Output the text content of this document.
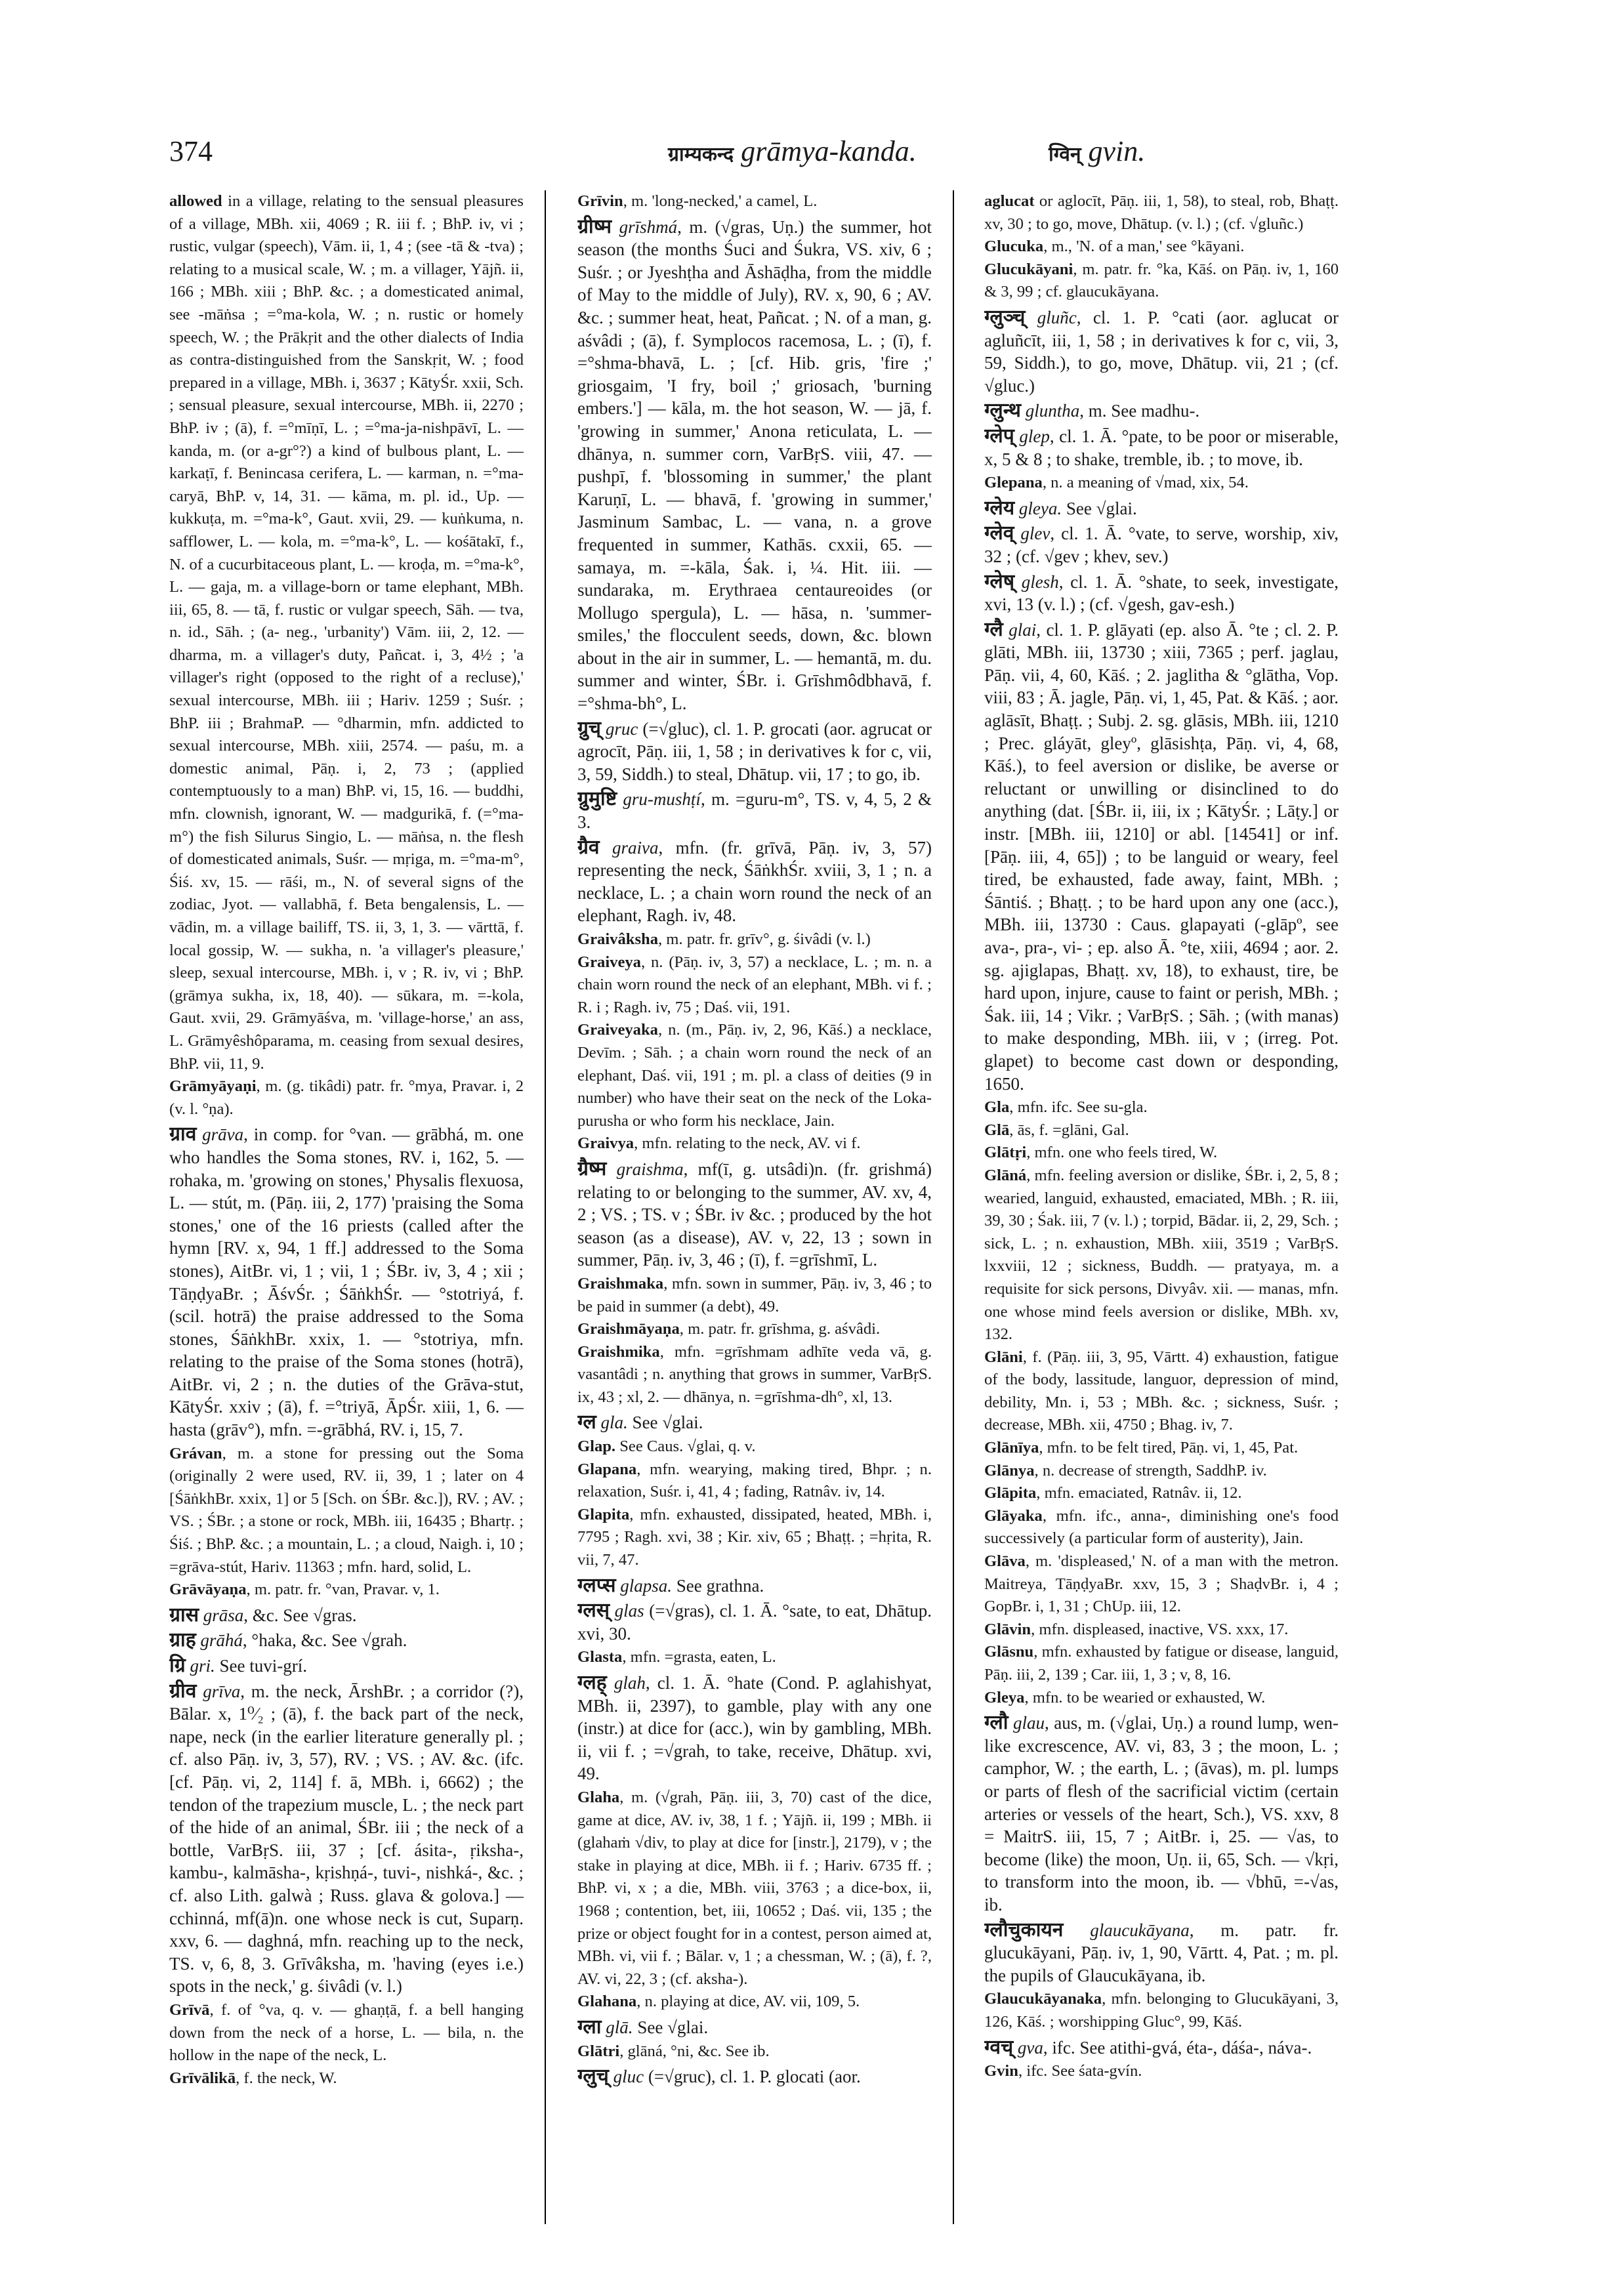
374	ग्राम्यकन्द grāmya-kanda.	ग्विन् gvin.

allowed in a village, relating to the sensual pleasures of a village, MBh. xii, 4069 ; R. iii f. ; BhP. iv, vi ; rustic, vulgar (speech), Vām. ii, 1, 4 ; (see -tā & -tva) ; relating to a musical scale, W. ; m. a villager, Yājñ. ii, 166 ; MBh. xiii ; BhP. &c. ; a domesticated animal, see -māṅsa ; =°ma-kola, W. ; n. rustic or homely speech, W. ; the Prākṛit and the other dialects of India as contra-distinguished from the Sanskṛit, W. ; food prepared in a village, MBh. i, 3637 ; KātyŚr. xxii, Sch. ; sensual pleasure, sexual intercourse, MBh. ii, 2270 ; BhP. iv ; (ā), f. =°mīṇī, L. ; =°ma-ja-nishpāvī, L. — kanda, m. (or a-gr°?) a kind of bulbous plant, L. — karkaṭī, f. Benincasa cerifera, L. — karman, n. =°ma-caryā, BhP. v, 14, 31. — kāma, m. pl. id., Up. — kukkuṭa, m. =°ma-k°, Gaut. xvii, 29. — kuṅkuma, n. safflower, L. — kola, m. =°ma-k°, L. — kośātakī, f., N. of a cucurbitaceous plant, L. — kroḍa, m. =°ma-k°, L. — gaja, m. a village-born or tame elephant, MBh. iii, 65, 8. — tā, f. rustic or vulgar speech, Sāh. — tva, n. id., Sāh. ; (a- neg., 'urbanity') Vām. iii, 2, 12. — dharma, m. a villager's duty, Pañcat. i, 3, 4½ ; 'a villager's right (opposed to the right of a recluse),' sexual intercourse, MBh. iii ; Hariv. 1259 ; Suśr. ; BhP. iii ; BrahmaP. — °dharmin, mfn. addicted to sexual intercourse, MBh. xiii, 2574. — paśu, m. a domestic animal, Pāṇ. i, 2, 73 ; (applied contemptuously to a man) BhP. vi, 15, 16. — buddhi, mfn. clownish, ignorant, W. — madgurikā, f. (=°ma-m°) the fish Silurus Singio, L. — māṅsa, n. the flesh of domesticated animals, Suśr. — mṛiga, m. =°ma-m°, Śiś. xv, 15. — rāśi, m., N. of several signs of the zodiac, Jyot. — vallabhā, f. Beta bengalensis, L. — vādin, m. a village bailiff, TS. ii, 3, 1, 3. — vārttā, f. local gossip, W. — sukha, n. 'a villager's pleasure,' sleep, sexual intercourse, MBh. i, v ; R. iv, vi ; BhP. (grāmya sukha, ix, 18, 40). — sūkara, m. =-kola, Gaut. xvii, 29. Grāmyāśva, m. 'village-horse,' an ass, L. Grāmyêshôparama, m. ceasing from sexual desires, BhP. vii, 11, 9.

Grāmyāyaṇi, m. (g. tikâdi) patr. fr. °mya, Pravar. i, 2 (v. l. °ṇa).

ग्राव grāva, in comp. for °van. — grābhá, m. one who handles the Soma stones, RV. i, 162, 5. — rohaka, m. 'growing on stones,' Physalis flexuosa, L. — stút, m. (Pāṇ. iii, 2, 177) 'praising the Soma stones,' one of the 16 priests (called after the hymn [RV. x, 94, 1 ff.] addressed to the Soma stones), AitBr. vi, 1 ; vii, 1 ; ŚBr. iv, 3, 4 ; xii ; TāṇḍyaBr. ; ĀśvŚr. ; ŚāṅkhŚr. — °stotriyá, f. (scil. hotrā) the praise addressed to the Soma stones, ŚāṅkhBr. xxix, 1. — °stotriya, mfn. relating to the praise of the Soma stones (hotrā), AitBr. vi, 2 ; n. the duties of the Grāva-stut, KātyŚr. xxiv ; (ā), f. =°triyā, ĀpŚr. xiii, 1, 6. — hasta (grāv°), mfn. =-grābhá, RV. i, 15, 7.

Grávan, m. a stone for pressing out the Soma (originally 2 were used, RV. ii, 39, 1 ; later on 4 [ŚāṅkhBr. xxix, 1] or 5 [Sch. on ŚBr. &c.]), RV. ; AV. ; VS. ; ŚBr. ; a stone or rock, MBh. iii, 16435 ; Bhartṛ. ; Śiś. ; BhP. &c. ; a mountain, L. ; a cloud, Naigh. i, 10 ; =grāva-stút, Hariv. 11363 ; mfn. hard, solid, L.

Grāvāyaṇa, m. patr. fr. °van, Pravar. v, 1.

ग्रास grāsa, &c. See √gras.

ग्राह grāhá, °haka, &c. See √grah.

ग्रि gri. See tuvi-grí.

ग्रीव grīva, m. the neck, ĀrshBr. ; a corridor (?), Bālar. x, 1⁰⁄₂ ; (ā), f. the back part of the neck, nape, neck (in the earlier literature generally pl. ; cf. also Pāṇ. iv, 3, 57), RV. ; VS. ; AV. &c. (ifc. [cf. Pāṇ. vi, 2, 114] f. ā, MBh. i, 6662) ; the tendon of the trapezium muscle, L. ; the neck part of the hide of an animal, ŚBr. iii ; the neck of a bottle, VarBṛS. iii, 37 ; [cf. ásita-, ṛiksha-, kambu-, kalmāsha-, kṛishṇá-, tuvi-, nishká-, &c. ; cf. also Lith. galwà ; Russ. glava & golova.] — cchinná, mf(ā)n. one whose neck is cut, Suparṇ. xxv, 6. — daghná, mfn. reaching up to the neck, TS. v, 6, 8, 3. Grīvâksha, m. 'having (eyes i.e.) spots in the neck,' g. śivâdi (v. l.)

Grīvā, f. of °va, q. v. — ghaṇṭā, f. a bell hanging down from the neck of a horse, L. — bila, n. the hollow in the nape of the neck, L.

Grīvālikā, f. the neck, W.

Grīvin, m. 'long-necked,' a camel, L.

ग्रीष्म grīshmá, m. (√gras, Uṇ.) the summer, hot season (the months Śuci and Śukra, VS. xiv, 6 ; Suśr. ; or Jyeshṭha and Āshāḍha, from the middle of May to the middle of July), RV. x, 90, 6 ; AV. &c. ; summer heat, heat, Pañcat. ; N. of a man, g. aśvâdi ; (ā), f. Symplocos racemosa, L. ; (ī), f. =°shma-bhavā, L. ; [cf. Hib. gris, 'fire ;' griosgaim, 'I fry, boil ;' griosach, 'burning embers.'] — kāla, m. the hot season, W. — jā, f. 'growing in summer,' Anona reticulata, L. — dhānya, n. summer corn, VarBṛS. viii, 47. — pushpī, f. 'blossoming in summer,' the plant Karuṇī, L. — bhavā, f. 'growing in summer,' Jasminum Sambac, L. — vana, n. a grove frequented in summer, Kathās. cxxii, 65. — samaya, m. =-kāla, Śak. i, ¼. Hit. iii. — sundaraka, m. Erythraea centaureoides (or Mollugo spergula), L. — hāsa, n. 'summer-smiles,' the flocculent seeds, down, &c. blown about in the air in summer, L. — hemantā, m. du. summer and winter, ŚBr. i. Grīshmôdbhavā, f. =°shma-bh°, L.

ग्रुच् gruc (=√gluc), cl. 1. P. grocati (aor. agrucat or agrocīt, Pāṇ. iii, 1, 58 ; in derivatives k for c, vii, 3, 59, Siddh.) to steal, Dhātup. vii, 17 ; to go, ib.

ग्रुमुष्टि gru-mushṭí, m. =guru-m°, TS. v, 4, 5, 2 & 3.

ग्रैव graiva, mfn. (fr. grīvā, Pāṇ. iv, 3, 57) representing the neck, ŚāṅkhŚr. xviii, 3, 1 ; n. a necklace, L. ; a chain worn round the neck of an elephant, Ragh. iv, 48.

Graivâksha, m. patr. fr. grīv°, g. śivâdi (v. l.)

Graiveya, n. (Pāṇ. iv, 3, 57) a necklace, L. ; m. n. a chain worn round the neck of an elephant, MBh. vi f. ; R. i ; Ragh. iv, 75 ; Daś. vii, 191.

Graiveyaka, n. (m., Pāṇ. iv, 2, 96, Kāś.) a necklace, Devīm. ; Sāh. ; a chain worn round the neck of an elephant, Daś. vii, 191 ; m. pl. a class of deities (9 in number) who have their seat on the neck of the Loka-purusha or who form his necklace, Jain.

Graivya, mfn. relating to the neck, AV. vi f.

ग्रैष्म graishma, mf(ī, g. utsâdi)n. (fr. grishmá) relating to or belonging to the summer, AV. xv, 4, 2 ; VS. ; TS. v ; ŚBr. iv &c. ; produced by the hot season (as a disease), AV. v, 22, 13 ; sown in summer, Pāṇ. iv, 3, 46 ; (ī), f. =grīshmī, L.

Graishmaka, mfn. sown in summer, Pāṇ. iv, 3, 46 ; to be paid in summer (a debt), 49.

Graishmāyaṇa, m. patr. fr. grīshma, g. aśvâdi.

Graishmika, mfn. =grīshmam adhīte veda vā, g. vasantâdi ; n. anything that grows in summer, VarBṛS. ix, 43 ; xl, 2. — dhānya, n. =grīshma-dh°, xl, 13.

ग्ल gla. See √glai.

Glap. See Caus. √glai, q. v.

Glapana, mfn. wearying, making tired, Bhpr. ; n. relaxation, Suśr. i, 41, 4 ; fading, Ratnâv. iv, 14.

Glapita, mfn. exhausted, dissipated, heated, MBh. i, 7795 ; Ragh. xvi, 38 ; Kir. xiv, 65 ; Bhaṭṭ. ; =hṛita, R. vii, 7, 47.

ग्लप्स glapsa. See grathna.

ग्लस् glas (=√gras), cl. 1. Ā. °sate, to eat, Dhātup. xvi, 30.

Glasta, mfn. =grasta, eaten, L.

ग्लह् glah, cl. 1. Ā. °hate (Cond. P. aglahishyat, MBh. ii, 2397), to gamble, play with any one (instr.) at dice for (acc.), win by gambling, MBh. ii, vii f. ; =√grah, to take, receive, Dhātup. xvi, 49.

Glaha, m. (√grah, Pāṇ. iii, 3, 70) cast of the dice, game at dice, AV. iv, 38, 1 f. ; Yājñ. ii, 199 ; MBh. ii (glahaṁ √div, to play at dice for [instr.], 2179), v ; the stake in playing at dice, MBh. ii f. ; Hariv. 6735 ff. ; BhP. vi, x ; a die, MBh. viii, 3763 ; a dice-box, ii, 1968 ; contention, bet, iii, 10652 ; Daś. vii, 135 ; the prize or object fought for in a contest, person aimed at, MBh. vi, vii f. ; Bālar. v, 1 ; a chessman, W. ; (ā), f. ?, AV. vi, 22, 3 ; (cf. aksha-).

Glahana, n. playing at dice, AV. vii, 109, 5.

ग्ला glā. See √glai.

Glātri, glāná, °ni, &c. See ib.

ग्लुच् gluc (=√gruc), cl. 1. P. glocati (aor.

aglucat or aglocīt, Pāṇ. iii, 1, 58), to steal, rob, Bhaṭṭ. xv, 30 ; to go, move, Dhātup. (v. l.) ; (cf. √gluñc.)

Glucuka, m., 'N. of a man,' see °kāyani.

Glucukāyani, m. patr. fr. °ka, Kāś. on Pāṇ. iv, 1, 160 & 3, 99 ; cf. glaucukāyana.

ग्लुञ्च् gluñc, cl. 1. P. °cati (aor. aglucat or agluñcīt, iii, 1, 58 ; in derivatives k for c, vii, 3, 59, Siddh.), to go, move, Dhātup. vii, 21 ; (cf. √gluc.)

ग्लुन्थ gluntha, m. See madhu-.

ग्लेप् glep, cl. 1. Ā. °pate, to be poor or miserable, x, 5 & 8 ; to shake, tremble, ib. ; to move, ib.

Glepana, n. a meaning of √mad, xix, 54.

ग्लेय gleya. See √glai.

ग्लेव् glev, cl. 1. Ā. °vate, to serve, worship, xiv, 32 ; (cf. √gev ; khev, sev.)

ग्लेष् glesh, cl. 1. Ā. °shate, to seek, investigate, xvi, 13 (v. l.) ; (cf. √gesh, gav-esh.)

ग्लै glai, cl. 1. P. glāyati (ep. also Ā. °te ; cl. 2. P. glāti, MBh. iii, 13730 ; xiii, 7365 ; perf. jaglau, Pāṇ. vii, 4, 60, Kāś. ; 2. jaglitha & °glātha, Vop. viii, 83 ; Ā. jagle, Pāṇ. vi, 1, 45, Pat. & Kāś. ; aor. aglāsīt, Bhaṭṭ. ; Subj. 2. sg. glāsis, MBh. iii, 1210 ; Prec. gláyāt, gleyº, glāsishṭa, Pāṇ. vi, 4, 68, Kāś.), to feel aversion or dislike, be averse or reluctant or unwilling or disinclined to do anything (dat. [ŚBr. ii, iii, ix ; KātyŚr. ; Lāṭy.] or instr. [MBh. iii, 1210] or abl. [14541] or inf. [Pāṇ. iii, 4, 65]) ; to be languid or weary, feel tired, be exhausted, fade away, faint, MBh. ; Śāntiś. ; Bhaṭṭ. ; to be hard upon any one (acc.), MBh. iii, 13730 : Caus. glapayati (-glāpº, see ava-, pra-, vi- ; ep. also Ā. °te, xiii, 4694 ; aor. 2. sg. ajiglapas, Bhaṭṭ. xv, 18), to exhaust, tire, be hard upon, injure, cause to faint or perish, MBh. ; Śak. iii, 14 ; Vikr. ; VarBṛS. ; Sāh. ; (with manas) to make desponding, MBh. iii, v ; (irreg. Pot. glapet) to become cast down or desponding, 1650.

Gla, mfn. ifc. See su-gla.

Glā, ās, f. =glāni, Gal.

Glātṛi, mfn. one who feels tired, W.

Glāná, mfn. feeling aversion or dislike, ŚBr. i, 2, 5, 8 ; wearied, languid, exhausted, emaciated, MBh. ; R. iii, 39, 30 ; Śak. iii, 7 (v. l.) ; torpid, Bādar. ii, 2, 29, Sch. ; sick, L. ; n. exhaustion, MBh. xiii, 3519 ; VarBṛS. lxxviii, 12 ; sickness, Buddh. — pratyaya, m. a requisite for sick persons, Divyâv. xii. — manas, mfn. one whose mind feels aversion or dislike, MBh. xv, 132.

Glāni, f. (Pāṇ. iii, 3, 95, Vārtt. 4) exhaustion, fatigue of the body, lassitude, languor, depression of mind, debility, Mn. i, 53 ; MBh. &c. ; sickness, Suśr. ; decrease, MBh. xii, 4750 ; Bhag. iv, 7.

Glānīya, mfn. to be felt tired, Pāṇ. vi, 1, 45, Pat.

Glānya, n. decrease of strength, SaddhP. iv.

Glāpita, mfn. emaciated, Ratnâv. ii, 12.

Glāyaka, mfn. ifc., anna-, diminishing one's food successively (a particular form of austerity), Jain.

Glāva, m. 'displeased,' N. of a man with the metron. Maitreya, TāṇḍyaBr. xxv, 15, 3 ; ShaḍvBr. i, 4 ; GopBr. i, 1, 31 ; ChUp. iii, 12.

Glāvin, mfn. displeased, inactive, VS. xxx, 17.

Glāsnu, mfn. exhausted by fatigue or disease, languid, Pāṇ. iii, 2, 139 ; Car. iii, 1, 3 ; v, 8, 16.

Gleya, mfn. to be wearied or exhausted, W.

ग्लौ glau, aus, m. (√glai, Uṇ.) a round lump, wen-like excrescence, AV. vi, 83, 3 ; the moon, L. ; camphor, W. ; the earth, L. ; (āvas), m. pl. lumps or parts of flesh of the sacrificial victim (certain arteries or vessels of the heart, Sch.), VS. xxv, 8 = MaitrS. iii, 15, 7 ; AitBr. i, 25. — √as, to become (like) the moon, Uṇ. ii, 65, Sch. — √kṛi, to transform into the moon, ib. — √bhū, =-√as, ib.

ग्लौचुकायन glaucukāyana, m. patr. fr. glucukāyani, Pāṇ. iv, 1, 90, Vārtt. 4, Pat. ; m. pl. the pupils of Glaucukāyana, ib.

Glaucukāyanaka, mfn. belonging to Glucukāyani, 3, 126, Kāś. ; worshipping Gluc°, 99, Kāś.

ग्वच् gva, ifc. See atithi-gvá, éta-, dáśa-, náva-.

Gvin, ifc. See śata-gvín.
